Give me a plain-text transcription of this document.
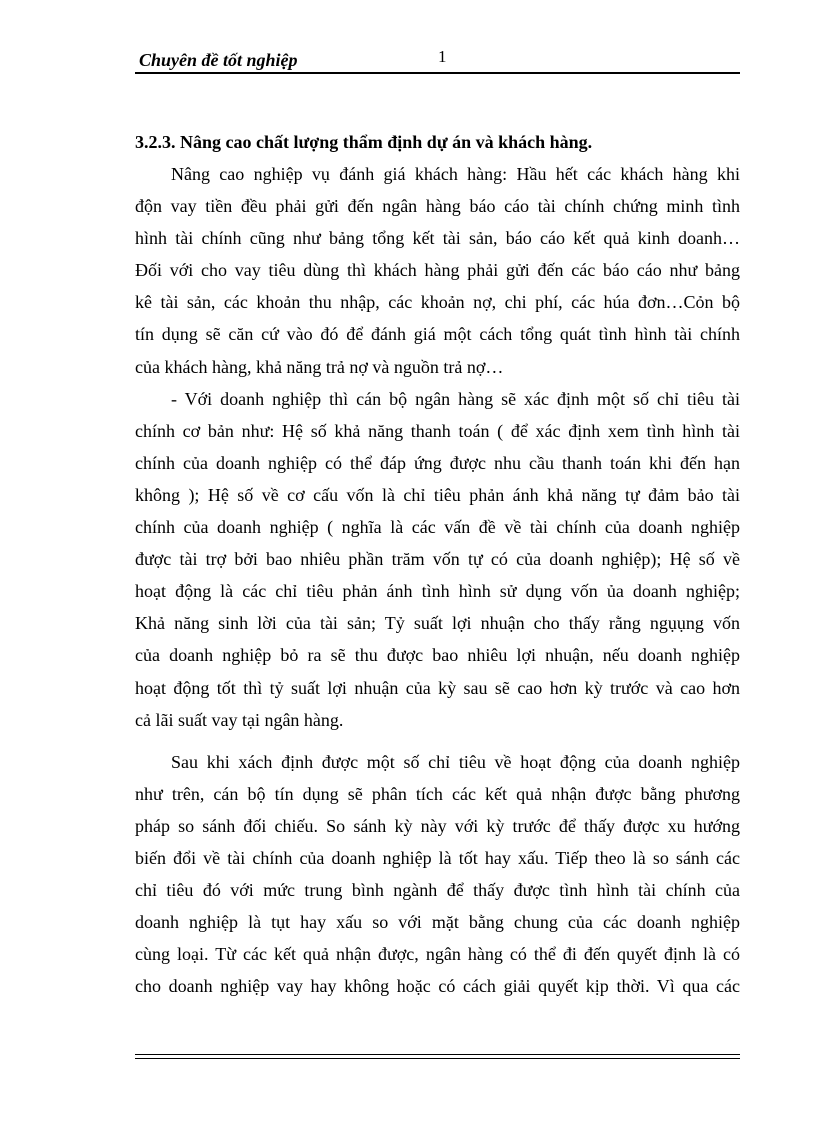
Chuyên đề tốt nghiệp	1
3.2.3. Nâng cao chất lượng thẩm định dự án và khách hàng.

Nâng cao nghiệp vụ đánh giá khách hàng: Hầu hết các khách hàng khi
độn vay tiền đều phải gửi đến ngân hàng báo cáo tài chính chứng minh tình
hình tài chính cũng như bảng tổng kết tài sản, báo cáo kết quả kinh doanh…
Đối với cho vay tiêu dùng thì khách hàng phải gửi đến các báo cáo như bảng
kê tài sản, các khoản thu nhập, các khoản nợ, chi phí, các húa đơn…Cỏn bộ
tín dụng sẽ căn cứ vào đó để đánh giá một cách tổng quát tình hình tài chính
của khách hàng, khả năng trả nợ và nguồn trả nợ…

- Với doanh nghiệp thì cán bộ ngân hàng sẽ xác định một số chỉ tiêu tài
chính cơ bản như: Hệ số khả năng thanh toán ( để xác định xem tình hình tài
chính của doanh nghiệp có thể đáp ứng được nhu cầu thanh toán khi đến hạn
không ); Hệ số về cơ cấu vốn là chỉ tiêu phản ánh khả năng tự đảm bảo tài
chính của doanh nghiệp ( nghĩa là các vấn đề về tài chính của doanh nghiệp
được tài trợ bởi bao nhiêu phần trăm vốn tự có của doanh nghiệp); Hệ số về
hoạt động là các chỉ tiêu phản ánh tình hình sử dụng vốn ủa doanh nghiệp;
Khả năng sinh lời của tài sản; Tỷ suất lợi nhuận cho thấy rằng ngụụng vốn
của doanh nghiệp bỏ ra sẽ thu được bao nhiêu lợi nhuận, nếu doanh nghiệp
hoạt động tốt thì tỷ suất lợi nhuận của kỳ sau sẽ cao hơn kỳ trước và cao hơn
cả lãi suất vay tại ngân hàng.

Sau khi xách định được một số chỉ tiêu về hoạt động của doanh nghiệp
như trên, cán bộ tín dụng sẽ phân tích các kết quả nhận được bằng phương
pháp so sánh đối chiếu. So sánh kỳ này với kỳ trước để thấy được xu hướng
biến đổi về tài chính của doanh nghiệp là tốt hay xấu. Tiếp theo là so sánh các
chỉ tiêu đó với mức trung bình ngành để thấy được tình hình tài chính của
doanh nghiệp là tụt hay xấu so với mặt bằng chung của các doanh nghiệp
cùng loại. Từ các kết quả nhận được, ngân hàng có thể đi đến quyết định là có
cho doanh nghiệp vay hay không hoặc có cách giải quyết kịp thời. Vì qua các
